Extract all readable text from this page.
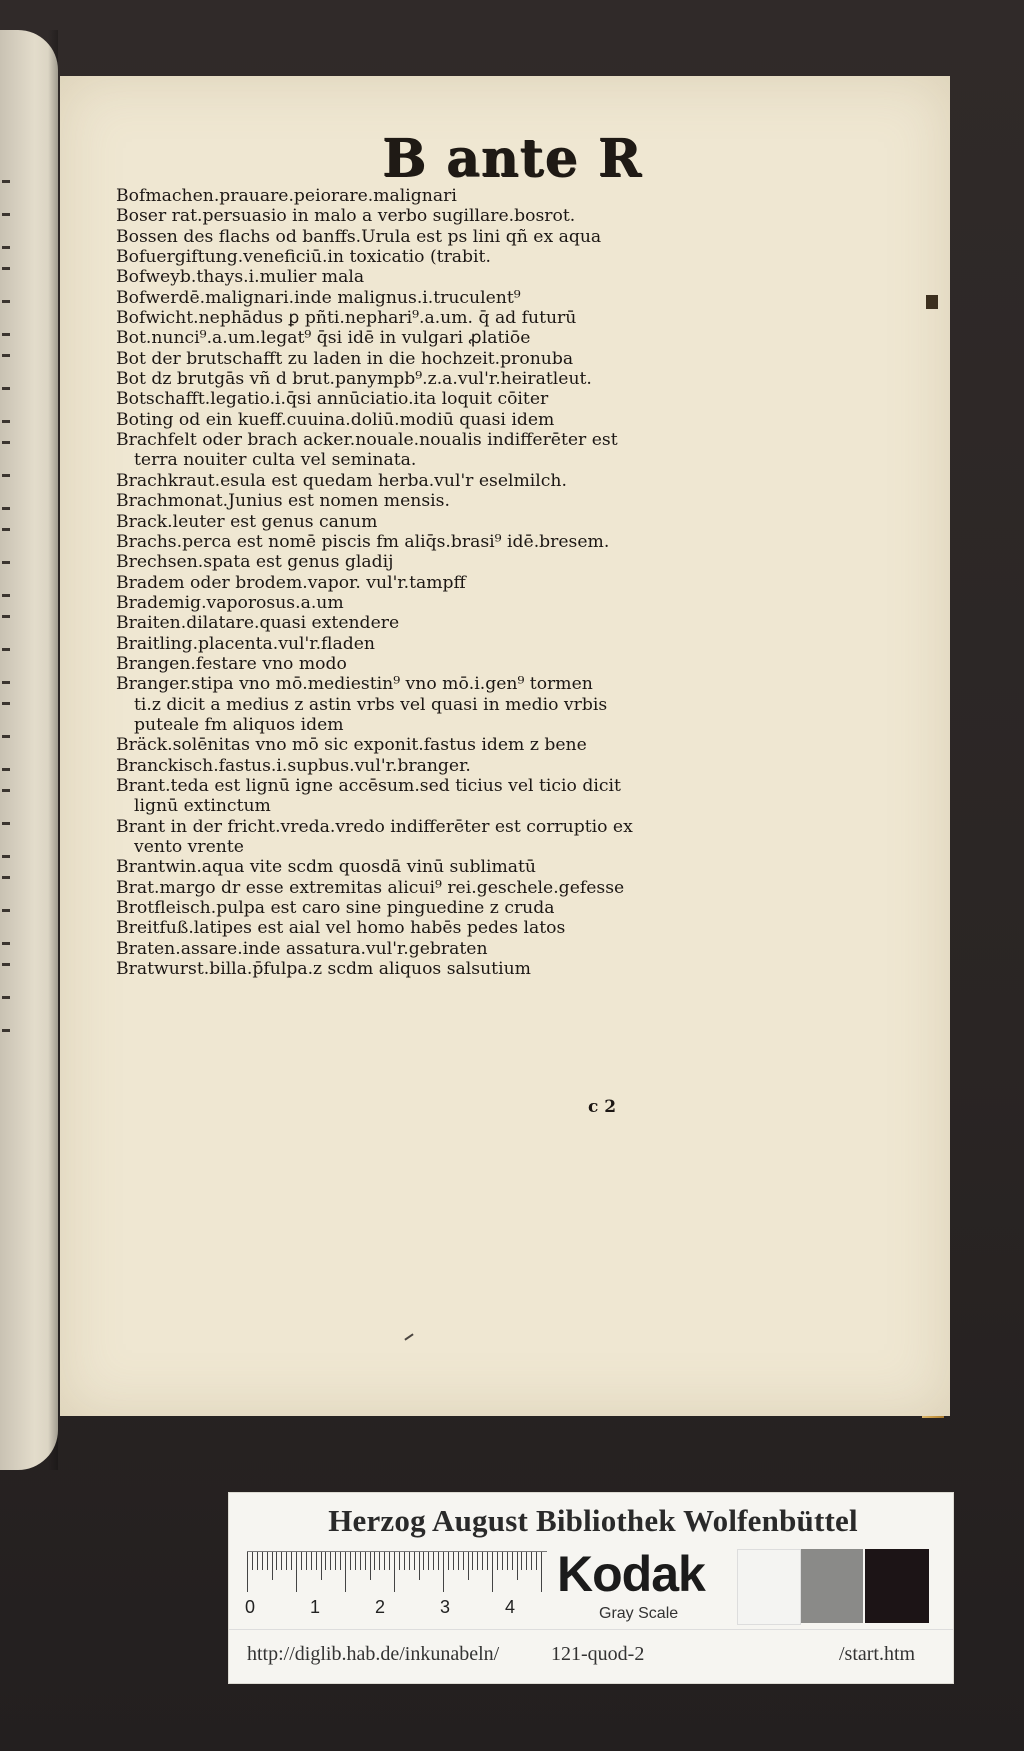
B ante R
Bofmachen.prauare.peiorare.malignari
Boser rat.persuasio in malo a verbo sugillare.bosrot.
Bossen des flachs od banffs.Urula est ps lini qñ ex aqua
Bofuergiftung.veneficiū.in toxicatio (trabit.
Bofweyb.thays.i.mulier mala
Bofwerdē.malignari.inde malignus.i.truculent⁹
Bofwicht.nephādus ꝑ pñti.nephari⁹.a.um. q̄ ad futurū
Bot.nunci⁹.a.um.legat⁹ q̄si idē in vulgari ꝓlatiōe
Bot der brutschafft zu laden in die hochzeit.pronuba
Bot dz brutgās vñ d brut.panympb⁹.z.a.vul'r.heiratleut.
Botschafft.legatio.i.q̄si annūciatio.ita loquit̄ cōiter
Boting od ein kueff.cuuina.doliū.modiū quasi idem
Brachfelt oder brach acker.nouale.noualis indifferēter est
terra nouiter culta vel seminata.
Brachkraut.esula est quedam herba.vul'r eselmilch.
Brachmonat.Junius est nomen mensis.
Brack.leuter est genus canum
Brachs.perca est nomē piscis f̄m aliq̄s.brasi⁹ idē.bresem.
Brechsen.spata est genus gladij
Bradem oder brodem.vapor. vul'r.tampff
Brademig.vaporosus.a.um
Braiten.dilatare.quasi extendere
Braitling.placenta.vul'r.fladen
Brangen.festare vno modo
Branger.stipa vno mō.mediestin⁹ vno mō.i.gen⁹ tormen
ti.z dicit̄ a medius z astin vrbs vel quasi in medio vrbis
puteale f̄m aliquos idem
Bräck.solēnitas vno mō sic exponit̄.fastus idem z bene
Branckisch.fastus.i.supbus.vul'r.branger.
Brant.teda est lignū igne accēsum.sed ticius vel ticio dicit̄
lignū extinctum
Brant in der fricht.vreda.vredo indifferēter est corruptio ex
vento vrente
Brantwin.aqua vite scd̄m quosdā vinū sublimatū
Brat.margo dr esse extremitas alicui⁹ rei.geschele.gefesse
Brotfleisch.pulpa est caro sine pinguedine z cruda
Breitfuß.latipes est aial vel homo habēs pedes latos
Braten.assare.inde assatura.vul'r.gebraten
Bratwurst.billa.p̄fulpa.z scd̄m aliquos salsutium
c 2
Herzog August Bibliothek Wolfenbüttel
0	1	2	3	4
Kodak
Gray Scale
http://diglib.hab.de/inkunabeln/	121-quod-2	/start.htm
